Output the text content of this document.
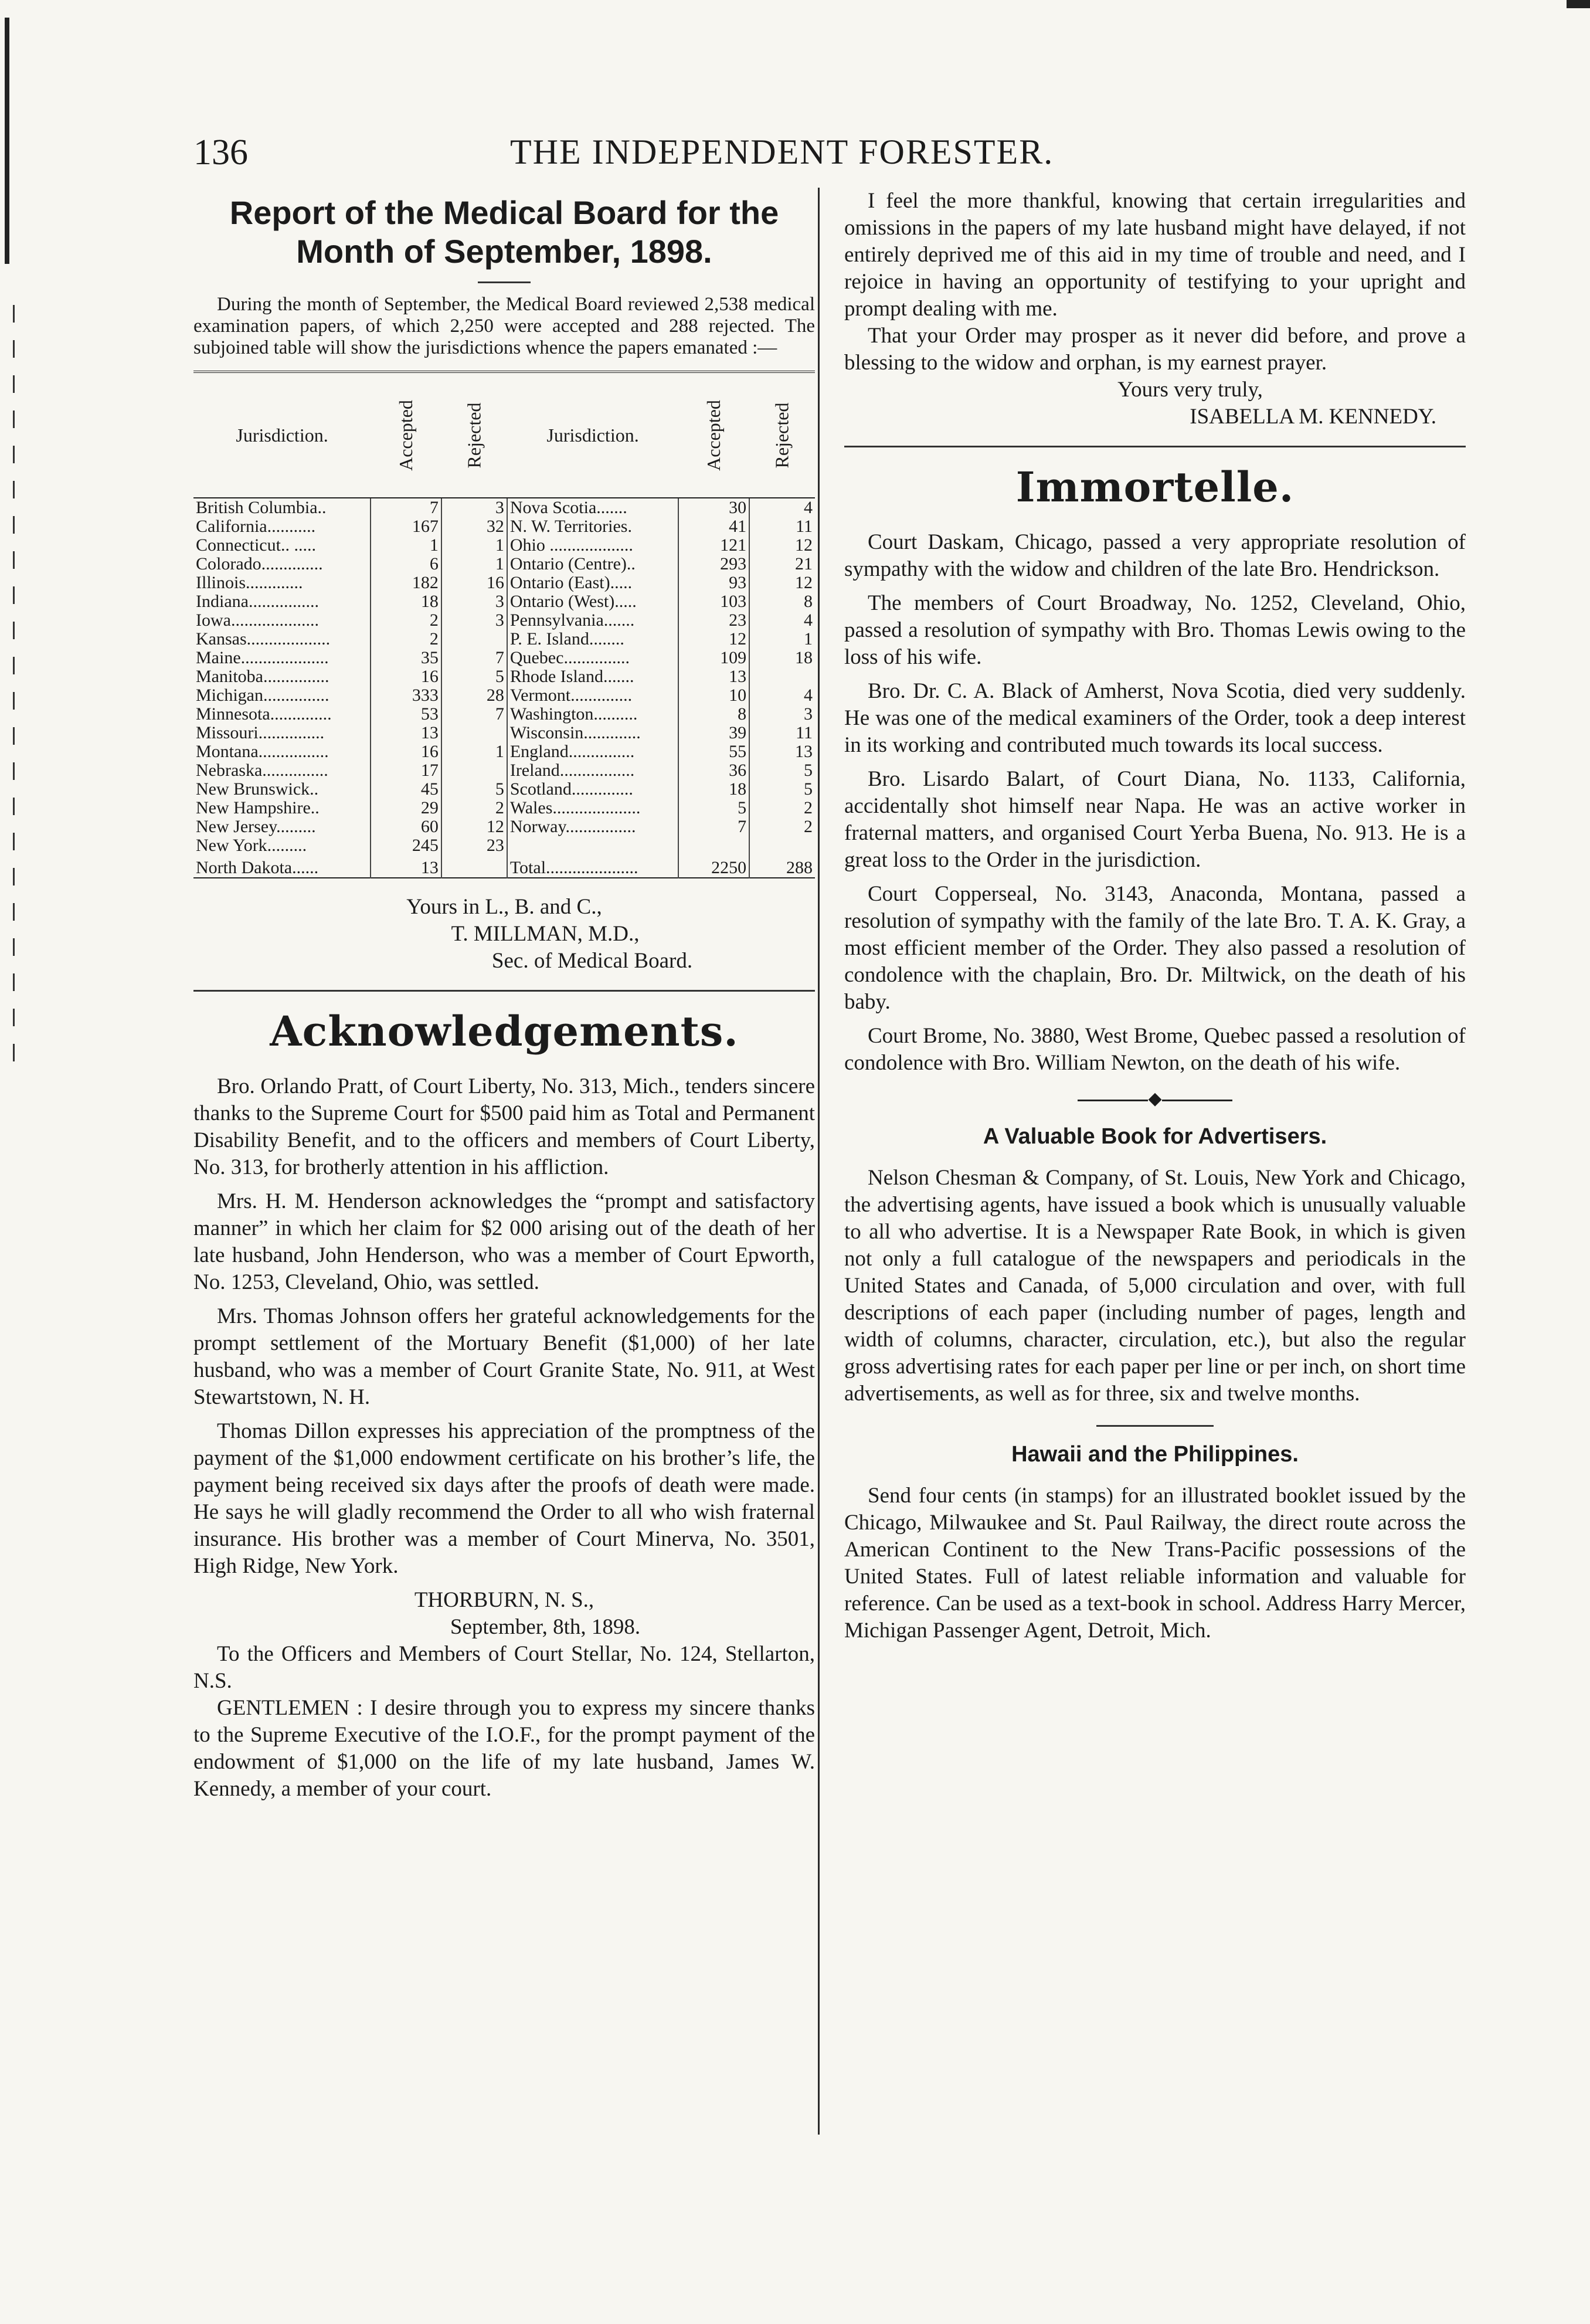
136	THE INDEPENDENT FORESTER.
Report of the Medical Board for the
Month of September, 1898.

During the month of September, the Medical Board reviewed 2,538 medical examination papers, of which 2,250 were accepted and 288 rejected. The subjoined table will show the jurisdictions whence the papers emanated :—

Jurisdiction.	Accepted	Rejected	Jurisdiction.	Accepted	Rejected
British Columbia..	7	3	Nova Scotia.......	30	4
California...........	167	32	N. W. Territories.	41	11
Connecticut.. .....	1	1	Ohio ...................	121	12
Colorado..............	6	1	Ontario (Centre)..	293	21
Illinois.............	182	16	Ontario (East).....	93	12
Indiana................	18	3	Ontario (West).....	103	8
Iowa....................	2	3	Pennsylvania.......	23	4
Kansas...................	2		P. E. Island........	12	1
Maine....................	35	7	Quebec...............	109	18
Manitoba...............	16	5	Rhode Island.......	13	
Michigan...............	333	28	Vermont..............	10	4
Minnesota..............	53	7	Washington..........	8	3
Missouri...............	13		Wisconsin.............	39	11
Montana................	16	1	England...............	55	13
Nebraska...............	17		Ireland.................	36	5
New Brunswick..	45	5	Scotland..............	18	5
New Hampshire..	29	2	Wales....................	5	2
New Jersey.........	60	12	Norway................	7	2
New York.........	245	23			
North Dakota......	13		Total.....................	2250	288

Yours in L., B. and C.,

T. MILLMAN, M.D.,

Sec. of Medical Board.

Acknowledgements.

Bro. Orlando Pratt, of Court Liberty, No. 313, Mich., tenders sincere thanks to the Supreme Court for $500 paid him as Total and Permanent Disability Benefit, and to the officers and members of Court Liberty, No. 313, for brotherly attention in his affliction.

Mrs. H. M. Henderson acknowledges the “prompt and satisfactory manner” in which her claim for $2 000 arising out of the death of her late husband, John Henderson, who was a member of Court Epworth, No. 1253, Cleveland, Ohio, was settled.

Mrs. Thomas Johnson offers her grateful acknowledgements for the prompt settlement of the Mortuary Benefit ($1,000) of her late husband, who was a member of Court Granite State, No. 911, at West Stewartstown, N. H.

Thomas Dillon expresses his appreciation of the promptness of the payment of the $1,000 endowment certificate on his brother’s life, the payment being received six days after the proofs of death were made. He says he will gladly recommend the Order to all who wish fraternal insurance. His brother was a member of Court Minerva, No. 3501, High Ridge, New York.

THORBURN, N. S.,

September, 8th, 1898.

To the Officers and Members of Court Stellar, No. 124, Stellarton, N.S.

GENTLEMEN : I desire through you to express my sincere thanks to the Supreme Executive of the I.O.F., for the prompt payment of the endowment of $1,000 on the life of my late husband, James W. Kennedy, a member of your court.

I feel the more thankful, knowing that certain irregularities and omissions in the papers of my late husband might have delayed, if not entirely deprived me of this aid in my time of trouble and need, and I rejoice in having an opportunity of testifying to your upright and prompt dealing with me.

That your Order may prosper as it never did before, and prove a blessing to the widow and orphan, is my earnest prayer.

Yours very truly,

ISABELLA M. KENNEDY.

Immortelle.

Court Daskam, Chicago, passed a very appropriate resolution of sympathy with the widow and children of the late Bro. Hendrickson.

The members of Court Broadway, No. 1252, Cleveland, Ohio, passed a resolution of sympathy with Bro. Thomas Lewis owing to the loss of his wife.

Bro. Dr. C. A. Black of Amherst, Nova Scotia, died very suddenly. He was one of the medical examiners of the Order, took a deep interest in its working and contributed much towards its local success.

Bro. Lisardo Balart, of Court Diana, No. 1133, California, accidentally shot himself near Napa. He was an active worker in fraternal matters, and organised Court Yerba Buena, No. 913. He is a great loss to the Order in the jurisdiction.

Court Copperseal, No. 3143, Anaconda, Montana, passed a resolution of sympathy with the family of the late Bro. T. A. K. Gray, a most efficient member of the Order. They also passed a resolution of condolence with the chaplain, Bro. Dr. Miltwick, on the death of his baby.

Court Brome, No. 3880, West Brome, Quebec passed a resolution of condolence with Bro. William Newton, on the death of his wife.

◆
A Valuable Book for Advertisers.

Nelson Chesman & Company, of St. Louis, New York and Chicago, the advertising agents, have issued a book which is unusually valuable to all who advertise. It is a Newspaper Rate Book, in which is given not only a full catalogue of the newspapers and periodicals in the United States and Canada, of 5,000 circulation and over, with full descriptions of each paper (including number of pages, length and width of columns, character, circulation, etc.), but also the regular gross advertising rates for each paper per line or per inch, on short time advertisements, as well as for three, six and twelve months.

Hawaii and the Philippines.

Send four cents (in stamps) for an illustrated booklet issued by the Chicago, Milwaukee and St. Paul Railway, the direct route across the American Continent to the New Trans-Pacific possessions of the United States. Full of latest reliable information and valuable for reference. Can be used as a text-book in school. Address Harry Mercer, Michigan Passenger Agent, Detroit, Mich.
